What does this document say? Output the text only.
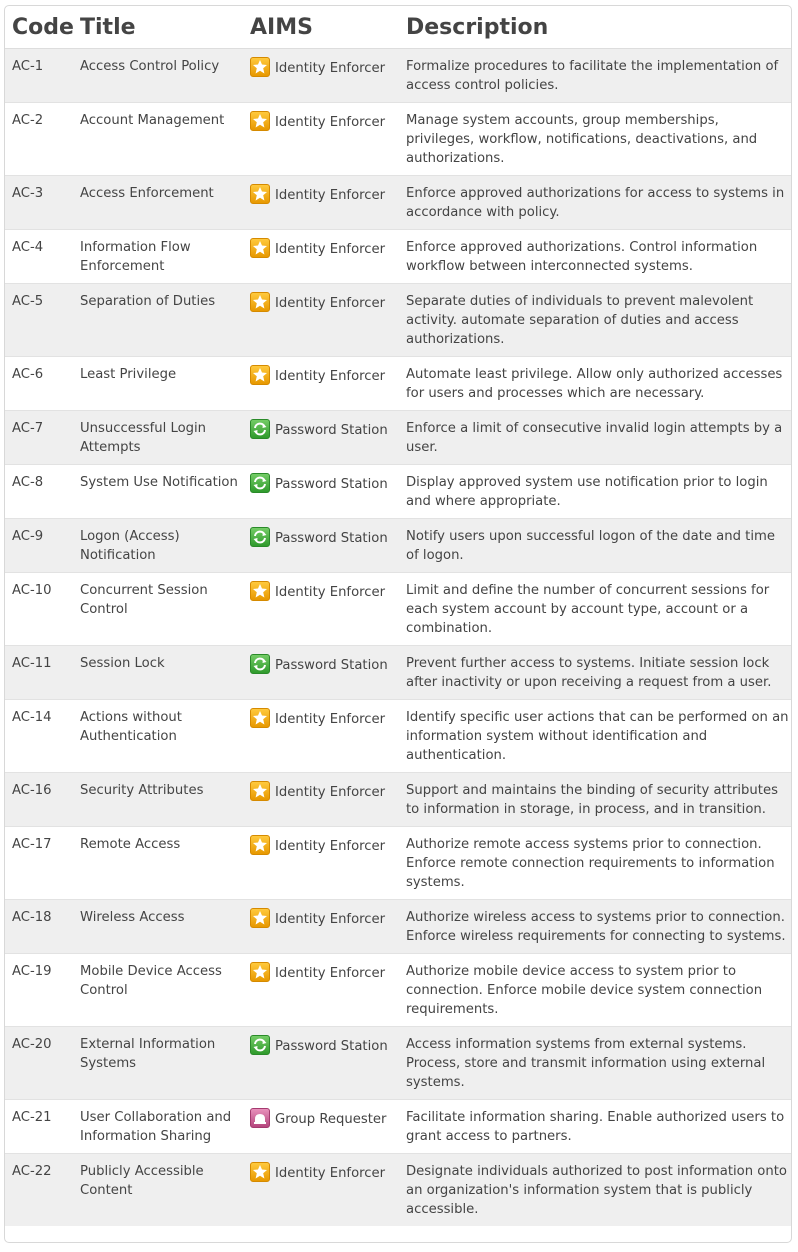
Code	Title	AIMS	Description
AC-1	Access Control Policy	Identity Enforcer	Formalize procedures to facilitate the implementation of access control policies.
AC-2	Account Management	Identity Enforcer	Manage system accounts, group memberships, privileges, workflow, notifications, deactivations, and authorizations.
AC-3	Access Enforcement	Identity Enforcer	Enforce approved authorizations for access to systems in accordance with policy.
AC-4	Information Flow Enforcement	Identity Enforcer	Enforce approved authorizations. Control information workflow between interconnected systems.
AC-5	Separation of Duties	Identity Enforcer	Separate duties of individuals to prevent malevolent activity. automate separation of duties and access authorizations.
AC-6	Least Privilege	Identity Enforcer	Automate least privilege. Allow only authorized accesses for users and processes which are necessary.
AC-7	Unsuccessful Login Attempts	Password Station	Enforce a limit of consecutive invalid login attempts by a user.
AC-8	System Use Notification	Password Station	Display approved system use notification prior to login and where appropriate.
AC-9	Logon (Access) Notification	Password Station	Notify users upon successful logon of the date and time of logon.
AC-10	Concurrent Session Control	Identity Enforcer	Limit and define the number of concurrent sessions for each system account by account type, account or a combination.
AC-11	Session Lock	Password Station	Prevent further access to systems. Initiate session lock after inactivity or upon receiving a request from a user.
AC-14	Actions without Authentication	Identity Enforcer	Identify specific user actions that can be performed on an information system without identification and authentication.
AC-16	Security Attributes	Identity Enforcer	Support and maintains the binding of security attributes to information in storage, in process, and in transition.
AC-17	Remote Access	Identity Enforcer	Authorize remote access systems prior to connection. Enforce remote connection requirements to information systems.
AC-18	Wireless Access	Identity Enforcer	Authorize wireless access to systems prior to connection. Enforce wireless requirements for connecting to systems.
AC-19	Mobile Device Access Control	Identity Enforcer	Authorize mobile device access to system prior to connection. Enforce mobile device system connection requirements.
AC-20	External Information Systems	Password Station	Access information systems from external systems. Process, store and transmit information using external systems.
AC-21	User Collaboration and Information Sharing	Group Requester	Facilitate information sharing. Enable authorized users to grant access to partners.
AC-22	Publicly Accessible Content	Identity Enforcer	Designate individuals authorized to post information onto an organization's information system that is publicly accessible.
